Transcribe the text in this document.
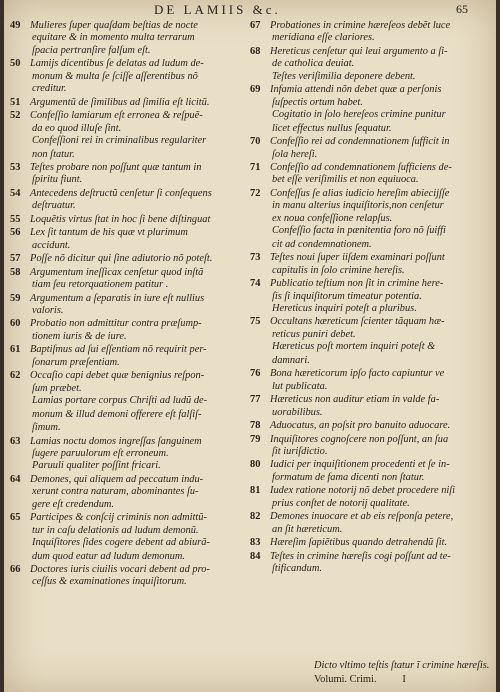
DE LAMIIS &c.	65
49 Mulieres ſuper quaſdam beſtias de nocte
equitare & in momento multa terrarum
ſpacia pertranſire falſum eſt.
50 Lamijs dicentibus ſe delatas ad ludum de-
monum & multa ſe ſciſſe aſſerentibus nõ
creditur.
51 Argumentũ de ſimilibus ad ſimilia eſt licitũ.
52 Confeſſio lamiarum eſt erronea & reſpuẽ-
da eo quod illuſe ſint.
Confeſſioni rei in criminalibus regulariter
non ſtatur.
53 Teſtes probare non poſſunt quæ tantum in
ſpiritu fiunt.
54 Antecedens deſtructũ cenſetur ſi conſequens
deſtruatur.
55 Loquẽtis virtus ſtat in hoc ſi bene diſtinguat
56 Lex ſit tantum de his quæ vt plurimum
accidunt.
57 Poſſe nõ dicitur qui ſine adiutorio nõ poteſt.
58 Argumentum ineſſicax cenſetur quod inſtã
tiam ſeu retorquationem patitur .
59 Argumentum a ſeparatis in iure eſt nullius
valoris.
60 Probatio non admittitur contra præſump-
tionem iuris & de iure.
61 Baptiſmus ad ſui eſſentiam nõ requirit per-
ſonarum præſentiam.
62 Occaſio capi debet quæ benignius reſpon-
ſum præbet.
Lamias portare corpus Chriſti ad ludũ de-
monum & illud demoni offerere eſt falſiſ-
ſimum.
63 Lamias noctu domos ingreſſas ſanguinem
ſugere paruulorum eſt erroneum.
Paruuli qualiter poſſint fricari.
64 Demones, qui aliquem ad peccatum indu-
xerunt contra naturam, abominantes ſu-
gere eſt credendum.
65 Participes & conſcij criminis non admittũ-
tur in caſu delationis ad ludum demonũ.
Inquiſitores ſides cogere debent ad abiurã-
dum quod eatur ad ludum demonum.
66 Doctores iuris ciuilis vocari debent ad pro-
ceſſus & examinationes inquiſitorum.
67 Probationes in crimine hæreſeos debẽt luce
meridiana eſſe clariores.
68 Hereticus cenſetur qui leui argumento a ſi-
de catholica deuiat.
Teſtes veriſimilia deponere debent.
69 Infamia attendi nõn debet quæ a perſonis
ſuſpectis ortum habet.
Cogitatio in ſolo hereſeos crimine punitur
licet effectus nullus ſequatur.
70 Confeſſio rei ad condemnationem ſufficit in
ſola hereſi.
71 Confeſſio ad condemnationem ſufficiens de-
bet eſſe veriſimilis et non equiuoca.
72 Confeſſus ſe alias iudicio hereſim abiecijſſe
in manu alterius inquiſitoris,non cenſetur
ex noua confeſſione relapſus.
Confeſſio facta in pænitentia foro nõ ſuiffi
cit ad condemnationem.
73 Teſtes noui ſuper iiſdem examinari poſſunt
capitulis in ſolo crimine hereſis.
74 Publicatio teſtium non ſit in crimine here-
ſis ſi inquiſitorum timeatur potentia.
Hereticus inquiri poteſt a pluribus.
75 Occultans hæreticum ſcienter tãquam hæ-
reticus puniri debet.
Hæreticus poſt mortem inquiri poteſt &
damnari.
76 Bona hæreticorum ipſo facto capiuntur ve
lut publicata.
77 Hæreticus non auditur etiam in valde fa-
uorabilibus.
78 Aduocatus, an poſsit pro banuito aduocare.
79 Inquiſitores cognoſcere non poſſunt, an ſua
ſit iuriſdictio.
80 Iudici per inquiſitionem procedenti et ſe in-
formatum de fama dicenti non ſtatur.
81 Iudex ratione notorij nõ debet procedere niſi
prius conſtet de notorij qualitate.
82 Demones inuocare et ab eis reſponſa petere,
an ſit hæreticum.
83 Hæreſim ſapiẽtibus quando detrahendũ ſit.
84 Teſtes in crimine hæreſis cogi poſſunt ad te-
ſtificandum.
Dicto vltimo teſtis ſtatur ĩ crimine hæreſis.
Volumi. Crimi.          I
